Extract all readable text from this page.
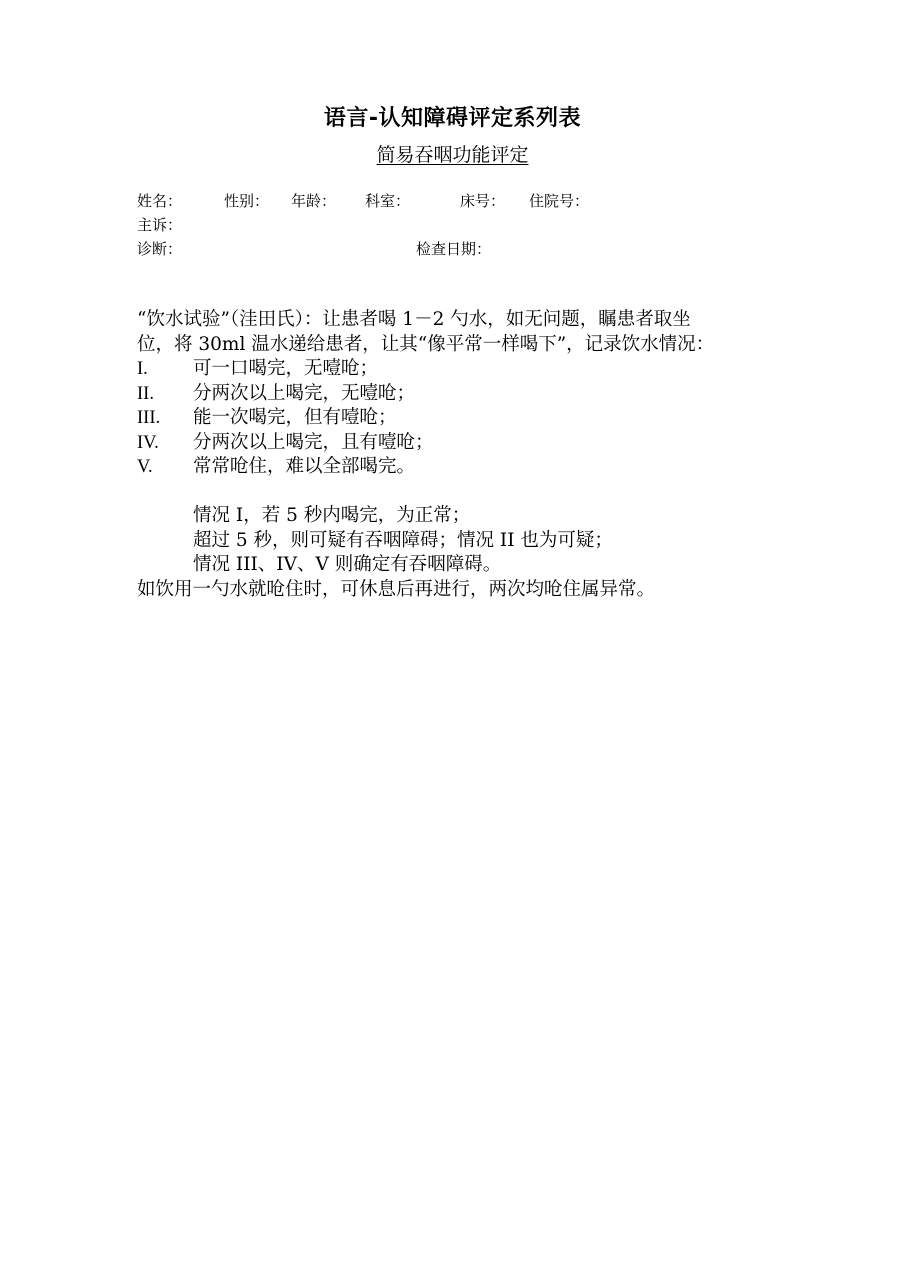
语言-认知障碍评定系列表
简易吞咽功能评定
姓名：	性别： 年龄： 科室：	床号： 住院号：
主诉：
诊断：	检查日期：

“饮水试验”（洼田氏）：让患者喝 1－2 勺水，如无问题，瞩患者取坐

位，将 30ml 温水递给患者，让其“像平常一样喝下”，记录饮水情况：

I. 可一口喝完，无噎呛；
II. 分两次以上喝完，无噎呛；
III. 能一次喝完，但有噎呛；
IV. 分两次以上喝完，且有噎呛；
V. 常常呛住，难以全部喝完。
情况 I，若 5 秒内喝完，为正常；
超过 5 秒，则可疑有吞咽障碍；情况 II 也为可疑；
情况 III、IV、V 则确定有吞咽障碍。

如饮用一勺水就呛住时，可休息后再进行，两次均呛住属异常。
